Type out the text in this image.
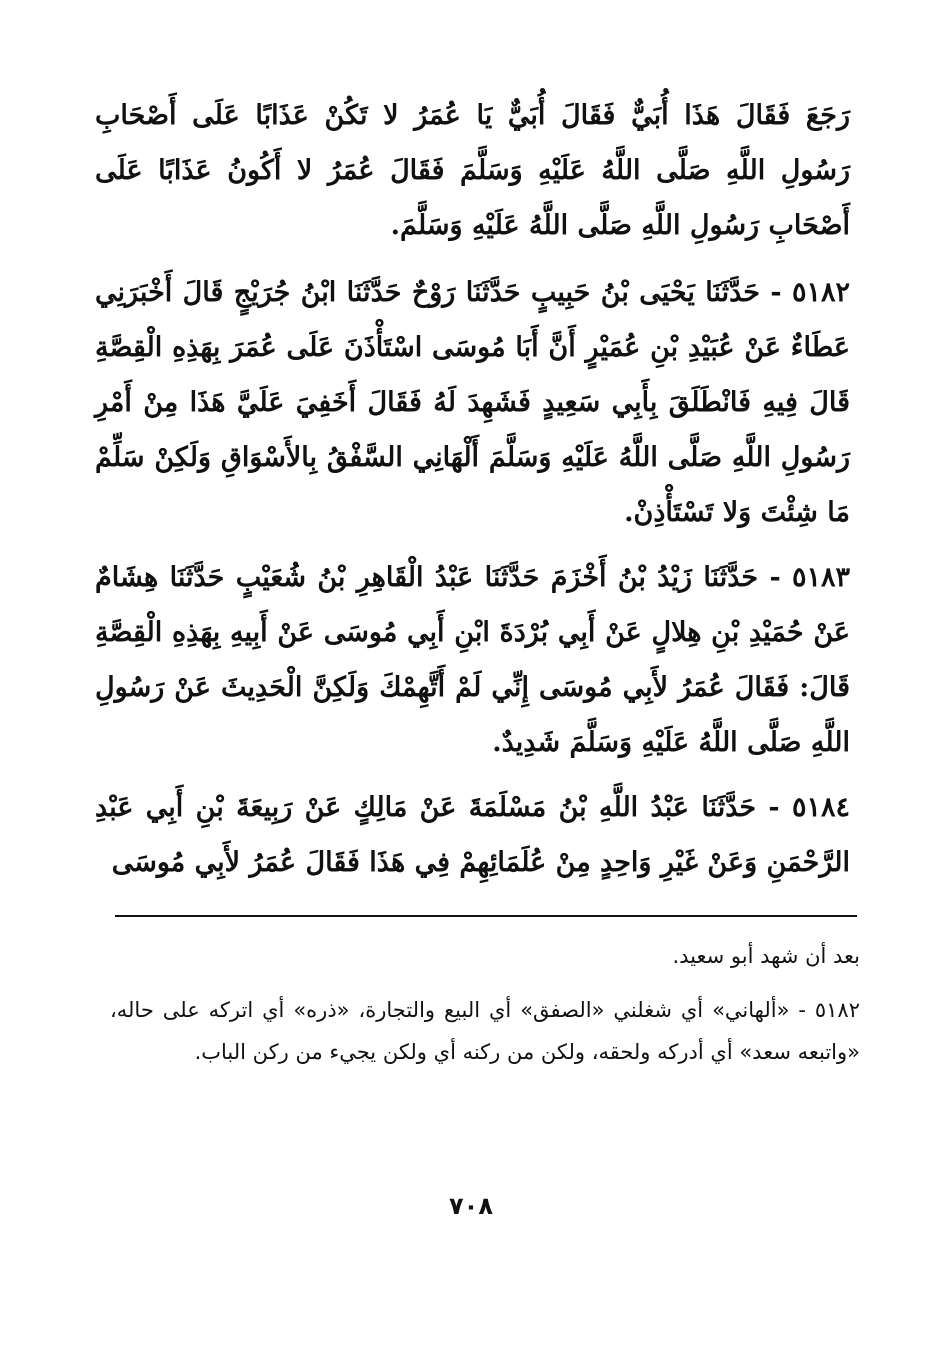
رَجَعَ فَقَالَ هَذَا أُبَيٌّ فَقَالَ أُبَيٌّ يَا عُمَرُ لا تَكُنْ عَذَابًا عَلَى أَصْحَابِ رَسُولِ اللَّهِ صَلَّى اللَّهُ عَلَيْهِ وَسَلَّمَ فَقَالَ عُمَرُ لا أَكُونُ عَذَابًا عَلَى أَصْحَابِ رَسُولِ اللَّهِ صَلَّى اللَّهُ عَلَيْهِ وَسَلَّمَ.

٥١٨٢ - حَدَّثَنَا يَحْيَى بْنُ حَبِيبٍ حَدَّثَنَا رَوْحٌ حَدَّثَنَا ابْنُ جُرَيْجٍ قَالَ أَخْبَرَنِي عَطَاءٌ عَنْ عُبَيْدِ بْنِ عُمَيْرٍ أَنَّ أَبَا مُوسَى اسْتَأْذَنَ عَلَى عُمَرَ بِهَذِهِ الْقِصَّةِ قَالَ فِيهِ فَانْطَلَقَ بِأَبِي سَعِيدٍ فَشَهِدَ لَهُ فَقَالَ أَخَفِيَ عَلَيَّ هَذَا مِنْ أَمْرِ رَسُولِ اللَّهِ صَلَّى اللَّهُ عَلَيْهِ وَسَلَّمَ أَلْهَانِي السَّفْقُ بِالأَسْوَاقِ وَلَكِنْ سَلِّمْ مَا شِئْتَ وَلا تَسْتَأْذِنْ.

٥١٨٣ - حَدَّثَنَا زَيْدُ بْنُ أَخْزَمَ حَدَّثَنَا عَبْدُ الْقَاهِرِ بْنُ شُعَيْبٍ حَدَّثَنَا هِشَامٌ عَنْ حُمَيْدِ بْنِ هِلالٍ عَنْ أَبِي بُرْدَةَ ابْنِ أَبِي مُوسَى عَنْ أَبِيهِ بِهَذِهِ الْقِصَّةِ قَالَ: فَقَالَ عُمَرُ لأَبِي مُوسَى إِنِّي لَمْ أَتَّهِمْكَ وَلَكِنَّ الْحَدِيثَ عَنْ رَسُولِ اللَّهِ صَلَّى اللَّهُ عَلَيْهِ وَسَلَّمَ شَدِيدٌ.

٥١٨٤ - حَدَّثَنَا عَبْدُ اللَّهِ بْنُ مَسْلَمَةَ عَنْ مَالِكٍ عَنْ رَبِيعَةَ بْنِ أَبِي عَبْدِ الرَّحْمَنِ وَعَنْ غَيْرِ وَاحِدٍ مِنْ عُلَمَائِهِمْ فِي هَذَا فَقَالَ عُمَرُ لأَبِي مُوسَى

بعد أن شهد أبو سعيد.

٥١٨٢ - «ألهاني» أي شغلني «الصفق» أي البيع والتجارة، «ذره» أي اتركه على حاله، «واتبعه سعد» أي أدركه ولحقه، ولكن من ركنه أي ولكن يجيء من ركن الباب.

٧٠٨
